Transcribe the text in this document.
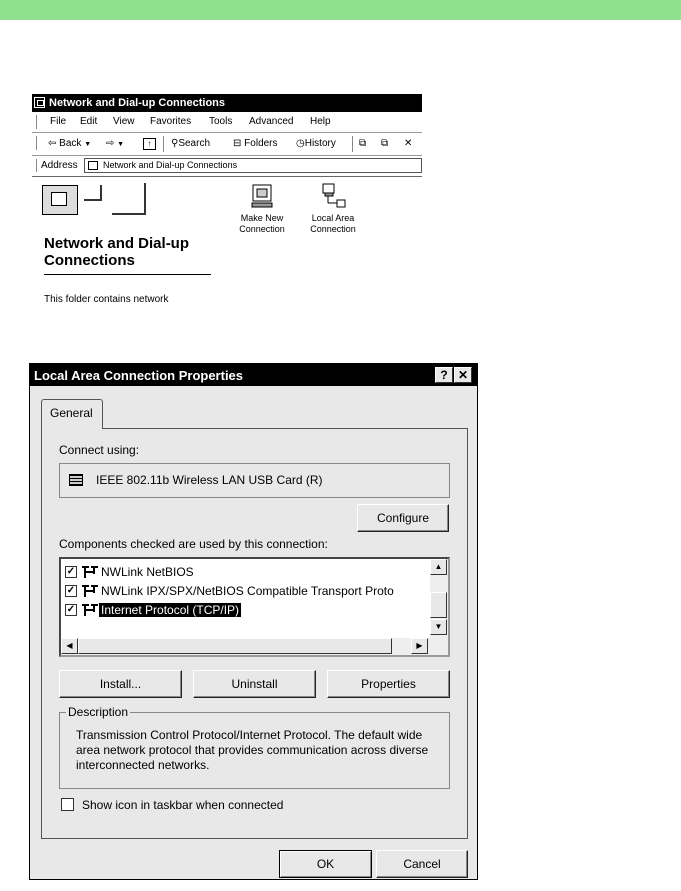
Network and Dial-up Connections
File Edit View Favorites Tools Advanced Help
⇦ Back ▼ ⇨ ▼	↑	⚲Search ⊟ Folders ◷History ⧉ ⧉ ✕
Address	Network and Dial-up Connections
Network and Dial-up Connections
This folder contains network
Make New Connection
Local Area Connection
Local Area Connection Properties	? ✕
General
Connect using:
IEEE 802.11b Wireless LAN USB Card (R)
Configure
Components checked are used by this connection:
✓ NWLink NetBIOS
✓ NWLink IPX/SPX/NetBIOS Compatible Transport Proto
✓ Internet Protocol (TCP/IP)
▲
▼
◀	▶
Install...	Uninstall	Properties
Description
Transmission Control Protocol/Internet Protocol. The default wide area network protocol that provides communication across diverse interconnected networks.
Show icon in taskbar when connected
OK	Cancel
